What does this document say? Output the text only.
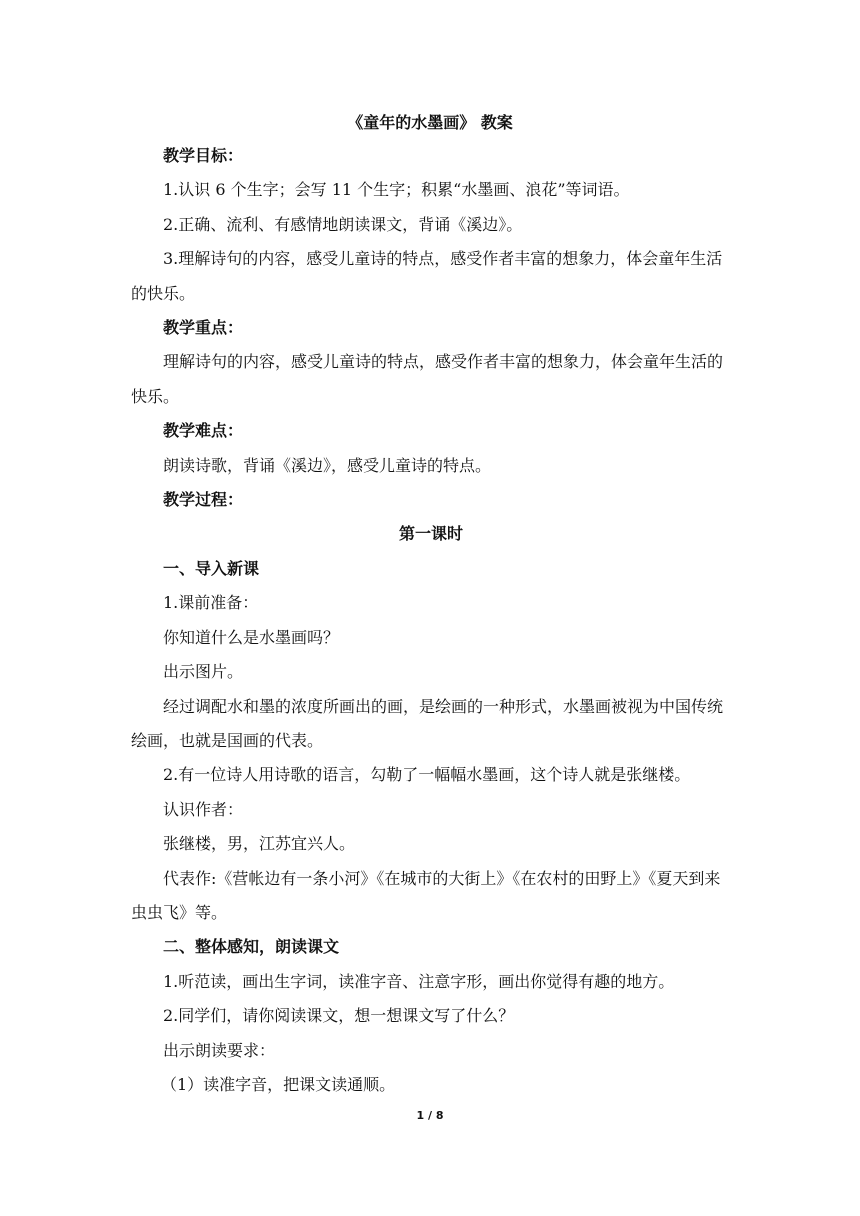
《童年的水墨画》 教案

教学目标：

1.认识 6 个生字；会写 11 个生字；积累“水墨画、浪花”等词语。

2.正确、流利、有感情地朗读课文，背诵《溪边》。

3.理解诗句的内容，感受儿童诗的特点，感受作者丰富的想象力，体会童年生活的快乐。

教学重点：

理解诗句的内容，感受儿童诗的特点，感受作者丰富的想象力，体会童年生活的快乐。

教学难点：

朗读诗歌，背诵《溪边》，感受儿童诗的特点。

教学过程：

第一课时

一、导入新课

1.课前准备：

你知道什么是水墨画吗？

出示图片。

经过调配水和墨的浓度所画出的画，是绘画的一种形式，水墨画被视为中国传统绘画，也就是国画的代表。

2.有一位诗人用诗歌的语言，勾勒了一幅幅水墨画，这个诗人就是张继楼。

认识作者：

张继楼，男，江苏宜兴人。

代表作:《营帐边有一条小河》《在城市的大街上》《在农村的田野上》《夏天到来虫虫飞》等。

二、整体感知，朗读课文

1.听范读，画出生字词，读准字音、注意字形，画出你觉得有趣的地方。

2.同学们，请你阅读课文，想一想课文写了什么？

出示朗读要求：

（1）读准字音，把课文读通顺。

1 / 8
